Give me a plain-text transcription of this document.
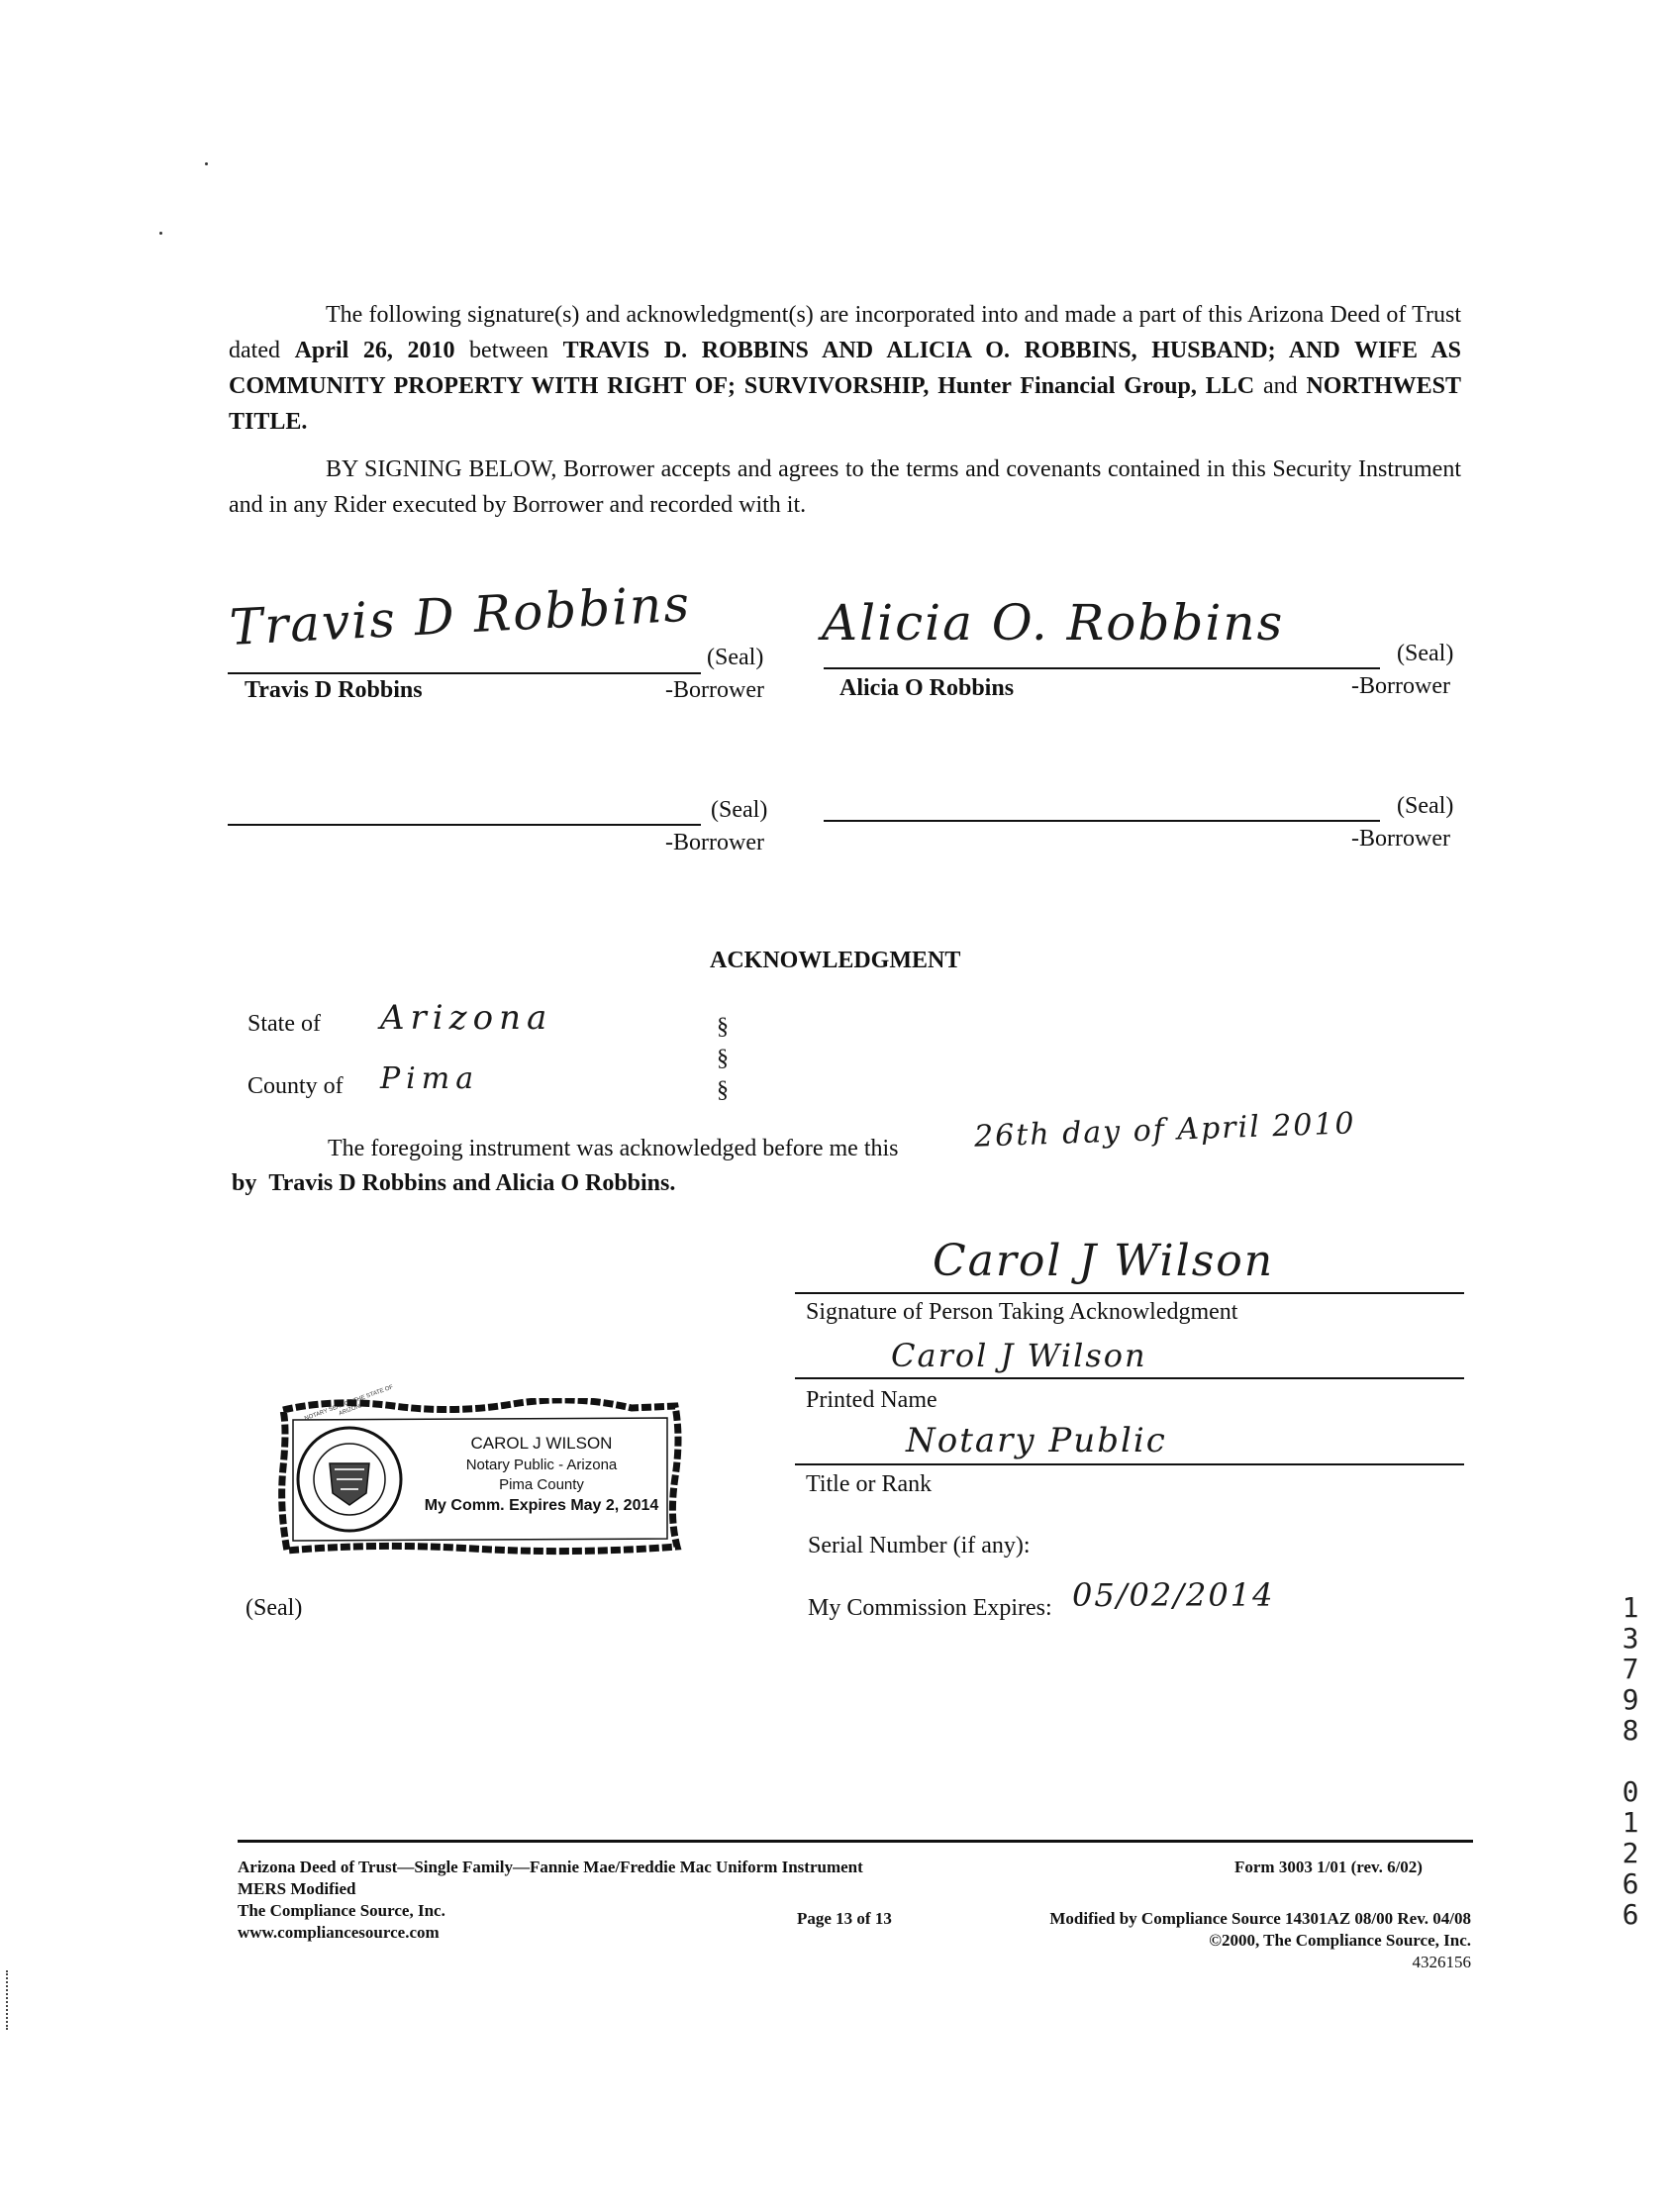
The following signature(s) and acknowledgment(s) are incorporated into and made a part of this Arizona Deed of Trust dated April 26, 2010 between TRAVIS D. ROBBINS AND ALICIA O. ROBBINS, HUSBAND; AND WIFE AS COMMUNITY PROPERTY WITH RIGHT OF; SURVIVORSHIP, Hunter Financial Group, LLC and NORTHWEST TITLE.
BY SIGNING BELOW, Borrower accepts and agrees to the terms and covenants contained in this Security Instrument and in any Rider executed by Borrower and recorded with it.
Travis D Robbins
(Seal)
Travis D Robbins	-Borrower
Alicia O. Robbins
(Seal)
Alicia O Robbins	-Borrower
(Seal)
-Borrower
(Seal)
-Borrower
ACKNOWLEDGMENT
State of Arizona
County of Pima
§
§
§
The foregoing instrument was acknowledged before me this	26th day of April 2010
by Travis D Robbins and Alicia O Robbins.
Carol J Wilson
Signature of Person Taking Acknowledgment
Carol J Wilson
Printed Name
Notary Public
Title or Rank
Serial Number (if any):
My Commission Expires: 05/02/2014
(Seal)
NOTARY SEAL OF THE STATE OF ARIZONA
CAROL J WILSON
Notary Public - Arizona
Pima County
My Comm. Expires May 2, 2014
Arizona Deed of Trust—Single Family—Fannie Mae/Freddie Mac Uniform Instrument
MERS Modified
The Compliance Source, Inc.
www.compliancesource.com
Form 3003 1/01 (rev. 6/02)
Page 13 of 13	Modified by Compliance Source 14301AZ 08/00 Rev. 04/08
©2000, The Compliance Source, Inc.
4326156
1
3
7
9
8
0
1
2
6
6
